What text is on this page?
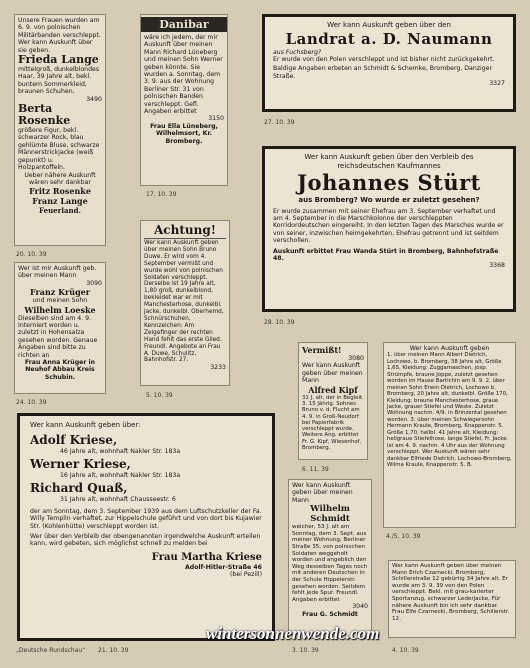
Unsere Frauen wurden am 6. 9. von polnischen Militärbanden verschleppt. Wer kann Auskunft über sie geben.
Frieda Lange
mittelgroß, dunkelblondes Haar, 39 Jahre alt, bekl. buntem Sommerkleid, braunen Schuhen,
3490
Berta Rosenke
größere Figur, bekl. schwarzer Rock, blau gehlümte Bluse, schwarze Männerstrickjacke (weiß gepunkt) u. Holzpantoffeln.
Ueber nähere Auskunft wären sehr dankbar
Fritz Rosenke
Franz Lange
Feuerland.
20. 10. 39
Danibar
wäre ich jedem, der mir Auskunft über meinen Mann Richard Lüneberg und meinen Sohn Werner geben könnte. Sie wurden a. Sonntag, dem 3. 9. aus der Wohnung Berliner Str. 31 von polnischen Banden verschleppt. Gefl. Angaben erbittet
3150
Frau Ella Lüneberg, Wilhelmsort, Kr. Bromberg.
17. 10. 39
Wer kann Auskunft geben über den
Landrat a. D. Naumann
aus Fuchsberg?
Er wurde von den Polen verschleppt und ist bisher nicht zurückgekehrt.
Baldige Angaben erbeten an Schmidt & Schemke, Bromberg, Danziger Straße.
3327
27. 10. 39
Wer kann Auskunft geben über den Verbleib des
reichsdeutschen Kaufmannes
Johannes Stürt
aus Bromberg? Wo wurde er zuletzt gesehen?
Er wurde zusammen mit seiner Ehefrau am 3. September verhaftet und am 4. September in die Marschkolonne der verschleppten Korridordeutschen eingereiht. In den letzten Tagen des Marsches wurde er von seiner, inzwischen heimgekehrten, Ehefrau getrennt und ist seitdem verschollen.
Auskunft erbittet Frau Wanda Stürt in Bromberg, Bahnhofstraße 48.
3368
28. 10. 39
Wer ist mir Auskunft geb. über meinen Mann
3090
Franz Krüger
und meinen Sohn
Wilhelm Loeske
Dieselben sind am 4. 9. Interniert worden u. zuletzt in Hohensalza gesehen worden. Genaue Angaben sind bitte zu richten an
Frau Anna Krüger in Neuhof Abbau Kreis Schubin.
24. 10. 39
Achtung!
Wer kann Auskunft geben über meinen Sohn Bruno Duwe. Er wird vom 4. September vermißt und wurde wohl von polnischen Soldaten verschleppt. Derselbe ist 19 Jahre alt, 1,80 groß, dunkelblond, bekleidet war er mit Manchesterhose, dunkelbl. Jacke, dunkelbl. Oberhemd, Schnürschuhen, Kennzeichen: Am Zeigefinger der rechten Hand fehlt das erste Glied. Freundl. Angebote an Frau A. Duwe, Schulitz, Bahnhofstr. 27.
3233
5. 10. 39
Vermißt!
3080
Wer kann Auskunft geben über meinen Mann
Alfred Kipf
31 J. alt, der in Begleit. 3. 15 jährig. Sohnes Bruno v. d. Flucht am 4. 9. in Groß-Neudorf bei Papierfabrik verschleppt wurde. Weitere Ang. erbittet Fr. G. Kipf, Wiesenhof, Bromberg.
6. 11. 39
Wer kann Auskunft geben
1. über meinen Mann Albert Dietrich, Lochowo, b. Bromberg, 38 Jahre alt, Größe 1,65, Kleidung: Zuggamaschen, josp. Strümpfe, braune Joppe, zuletzt gesehen worden im Hause Bartichin am 9. 9. 2. über meinen Sohn Erwin Dietrich, Lochowo b. Bromberg, 20 Jahre alt, dunkelbl. Größe 170, Kleidung: braune Manchesterhose, graue Jacke, grauer Stiefel und Weste. Zuletzt Wohnung nachm. 4/9. in Brinzental gesehen worden. 3. über meinen Schwiegersohn Hermann Kraule, Bromberg, Knappenstr. 5. Größe 1,70, hellbl. 41 Jahre alt, Kleidung: hellgraue Stiefelhose, lange Stiefel, Fr. Jacke. Ist am 4. 9. nachm. 4 Uhr aus der Wohnung verschleppt. Wer Auskunft wären sehr dankbar Elfriede Dietrich, Lochowo-Bromberg, Wilma Kraule, Knappenstr. 5. B.
4./5. 10. 39
Wer kann Auskunft geben über:
Adolf Kriese,
46 Jahre alt, wohnhaft Nakler Str. 183a
Werner Kriese,
16 Jahre alt, wohnhaft Nakler Str. 183a
Richard Quaß,
31 Jahre alt, wohnhaft Chausseestr. 6
der am Sonntag, dem 3. September 1939 aus dem Luftschutzkeller der Fa. Willy Templin verhaftet, zur Hippelschule geführt und von dort bis Kujawier Str. (Kohlenhütte) verschleppt worden ist.
Wer über den Verbleib der obengenannten irgendwelche Auskunft erteilen kann, wird gebeten, sich möglichst schnell zu melden bei
Frau Martha Kriese
Adolf-Hitler-Straße 46
(bei Pezill)
„Deutsche Rundschau“ 21. 10. 39
Wer kann Auskunft geben über meinen Mann
Wilhelm Schmidt
welcher, 53 J. alt am Sonntag, dem 3. Sept. aus meiner Wohnung, Berliner Straße 35, von polnischen Soldaten weggeholt worden und angeblich den Weg desselben Tages noch mit anderen Deutschen in der Schule Hippelerstr. gesehen worden. Seitdem fehlt jede Spur. Freundl. Angaben erbittet
3040
Frau G. Schmidt
3. 10. 39
Wer kann Auskunft geben über meinen Mann Erich Czarnecki, Bromberg, Schillerstraße 12 gebürtig 34 Jahre alt. Er wurde am 3. 9. 39 von den Polen verschleppt. Bekl. mit grau-karierter Sportanzug, schwarzer Lederjacke, Für nähere Auskunft bin ich sehr dankbar. Frau Elfe Czarnecki, Bromberg, Schillerstr. 12.
4. 10. 39
wintersonnenwende.com
